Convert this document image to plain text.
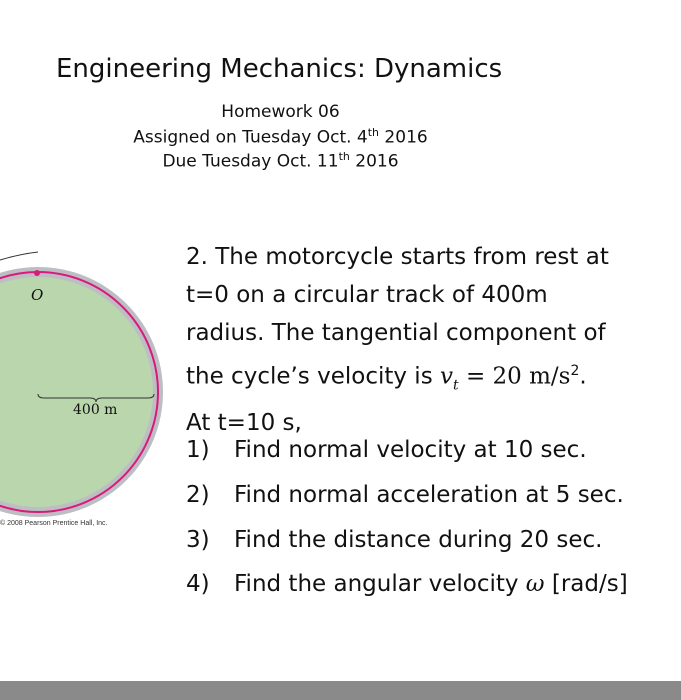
Engineering Mechanics: Dynamics
Homework 06
Assigned on Tuesday Oct. 4th 2016
Due Tuesday Oct. 11th 2016
O
400 m
© 2008 Pearson Prentice Hall, Inc.
2. The motorcycle starts from rest at
t=0 on a circular track of 400m
radius. The tangential component of
the cycle’s velocity is $v_t = 20$ $m/s^2$.
At t=10 s,
1) Find normal velocity at 10 sec.
2) Find normal acceleration at 5 sec.
3) Find the distance during 20 sec.
4) Find the angular velocity ω [rad/s]
